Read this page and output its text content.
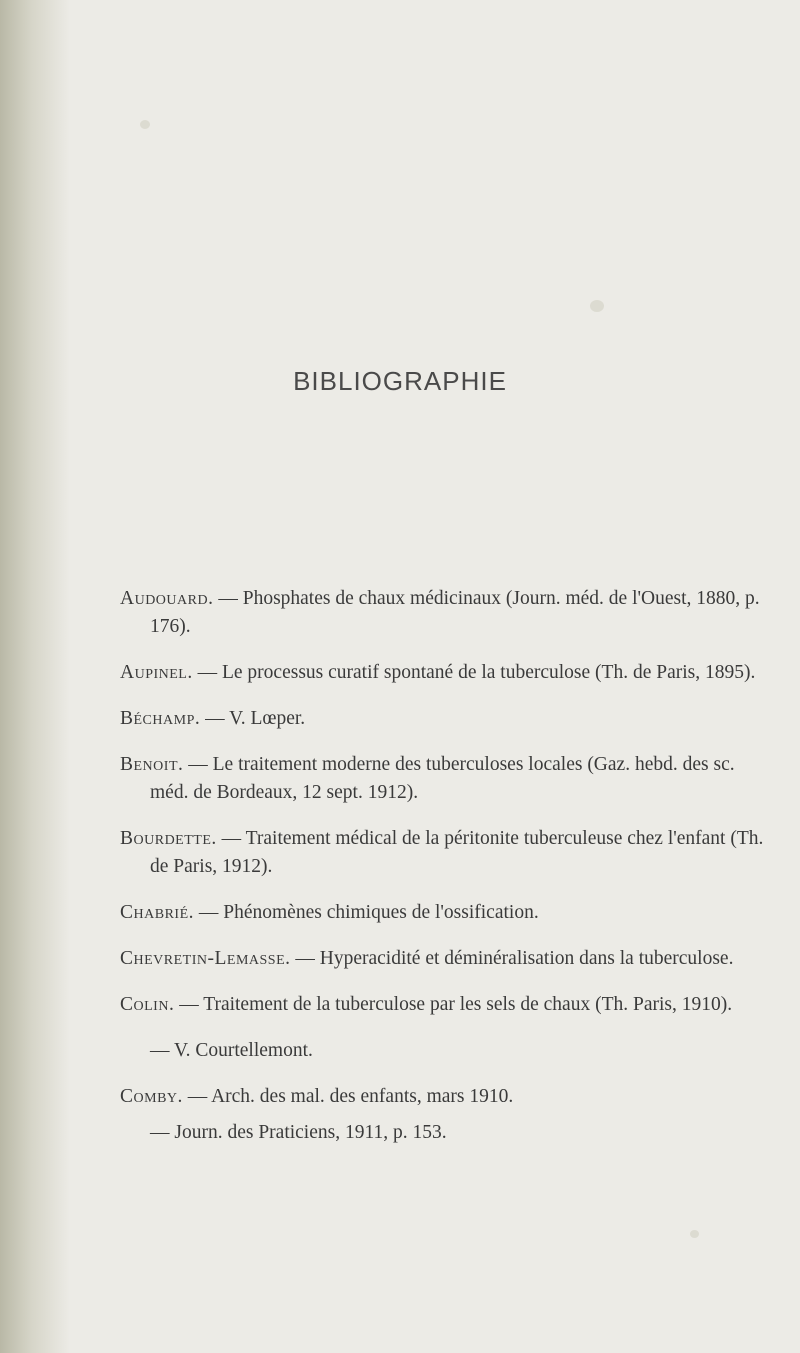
BIBLIOGRAPHIE

Audouard. — Phosphates de chaux médicinaux (Journ. méd. de l'Ouest, 1880, p. 176).

Aupinel. — Le processus curatif spontané de la tuberculose (Th. de Paris, 1895).

Béchamp. — V. Lœper.

Benoit. — Le traitement moderne des tuberculoses locales (Gaz. hebd. des sc. méd. de Bordeaux, 12 sept. 1912).

Bourdette. — Traitement médical de la péritonite tuberculeuse chez l'enfant (Th. de Paris, 1912).

Chabrié. — Phénomènes chimiques de l'ossification.

Chevretin-Lemasse. — Hyperacidité et déminéralisation dans la tuberculose.

Colin. — Traitement de la tuberculose par les sels de chaux (Th. Paris, 1910).

— V. Courtellemont.

Comby. — Arch. des mal. des enfants, mars 1910.

— Journ. des Praticiens, 1911, p. 153.
